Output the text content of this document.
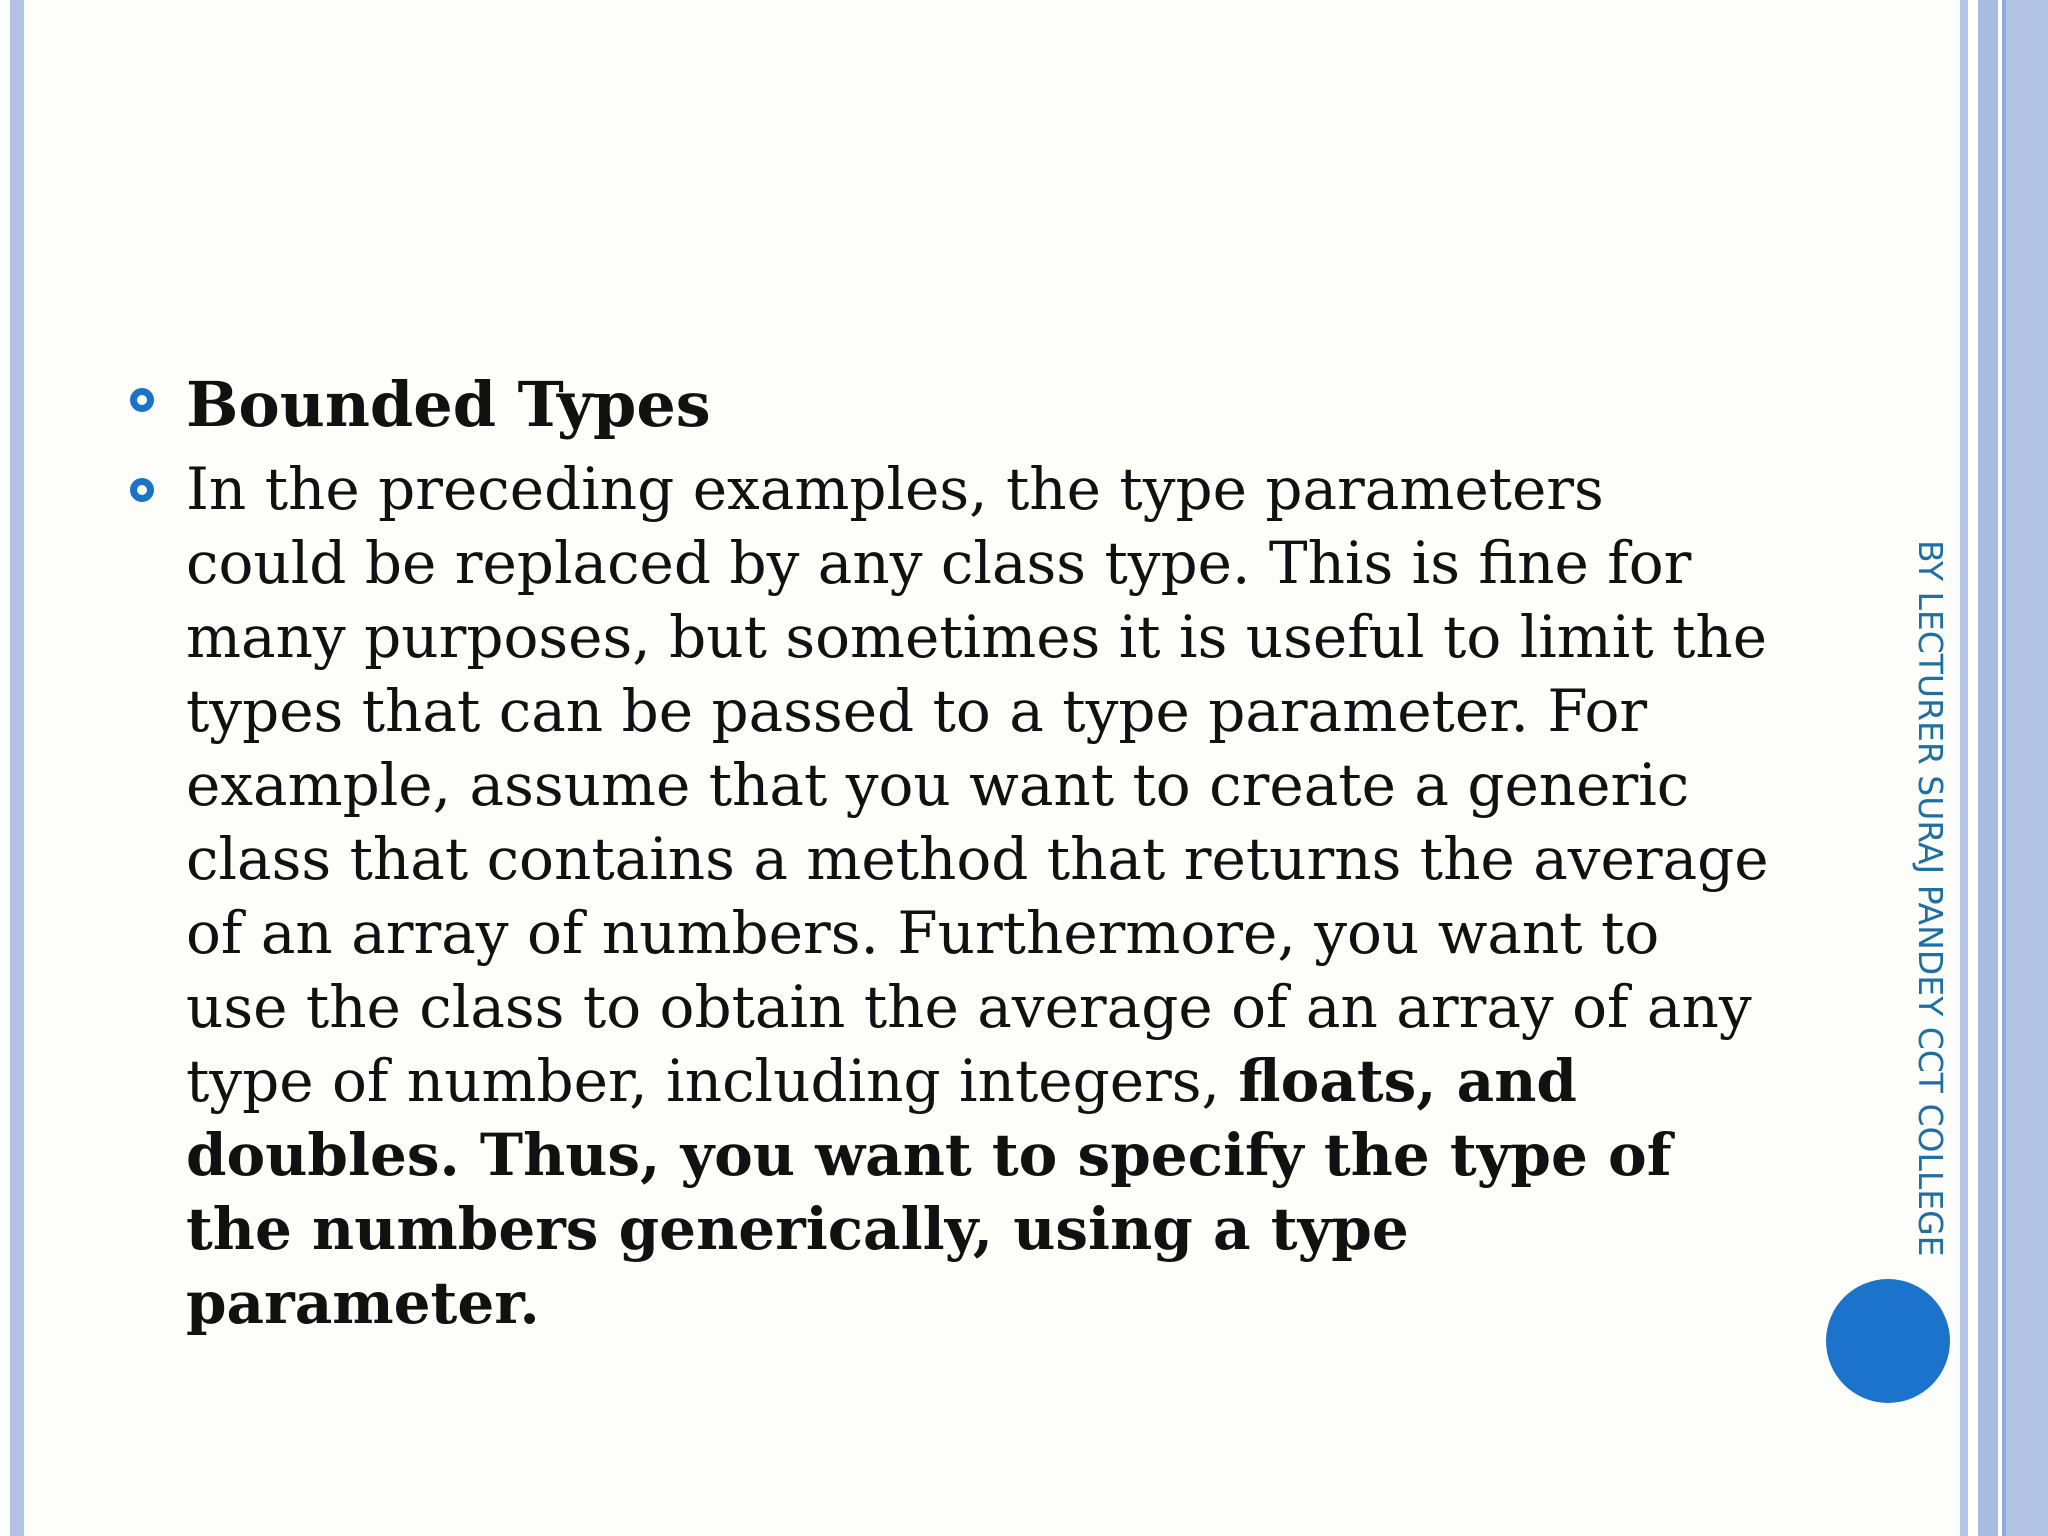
Bounded Types
In the preceding examples, the type parameters could be replaced by any class type. This is fine for many purposes, but sometimes it is useful to limit the types that can be passed to a type parameter. For example, assume that you want to create a generic class that contains a method that returns the average of an array of numbers. Furthermore, you want to use the class to obtain the average of an array of any type of number, including integers, floats, and doubles. Thus, you want to specify the type of the numbers generically, using a type parameter.
BY LECTURER SURAJ PANDEY CCT COLLEGE
